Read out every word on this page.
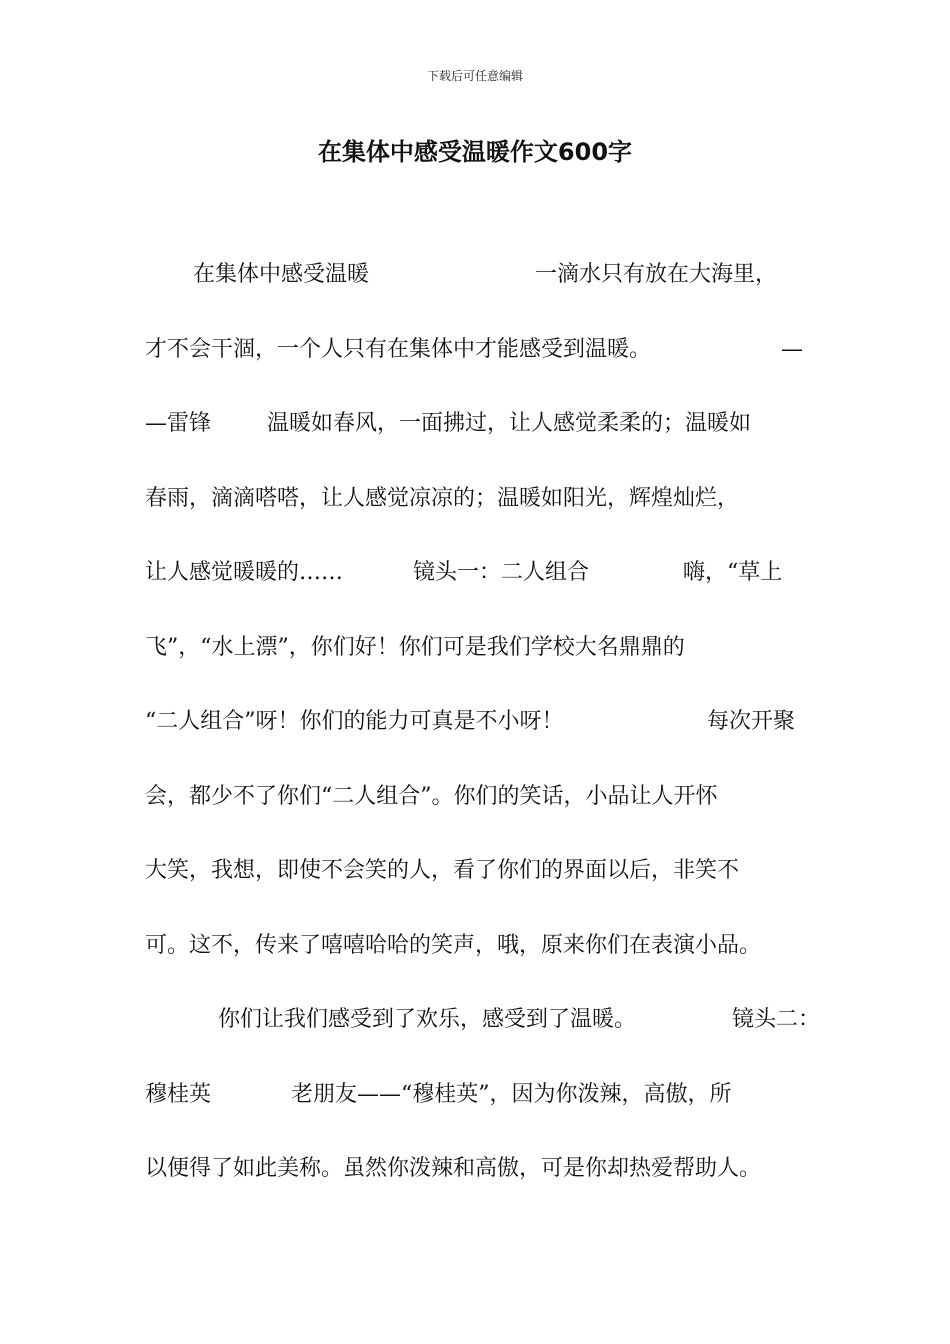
下载后可任意编辑
在集体中感受温暖作文600字
在集体中感受温暖	一滴水只有放在大海里，
才不会干涸，一个人只有在集体中才能感受到温暖。	—
—雷锋	温暖如春风，一面拂过，让人感觉柔柔的；温暖如
春雨，滴滴嗒嗒，让人感觉凉凉的；温暖如阳光，辉煌灿烂，
让人感觉暖暖的……	镜头一：二人组合	嗨，“草上
飞”，“水上漂”，你们好！你们可是我们学校大名鼎鼎的
“二人组合”呀！你们的能力可真是不小呀！	每次开聚
会，都少不了你们“二人组合”。你们的笑话，小品让人开怀
大笑，我想，即使不会笑的人，看了你们的界面以后，非笑不
可。这不，传来了嘻嘻哈哈的笑声，哦，原来你们在表演小品。
你们让我们感受到了欢乐，感受到了温暖。	镜头二：
穆桂英	老朋友——“穆桂英”，因为你泼辣，高傲，所
以便得了如此美称。虽然你泼辣和高傲，可是你却热爱帮助人。
